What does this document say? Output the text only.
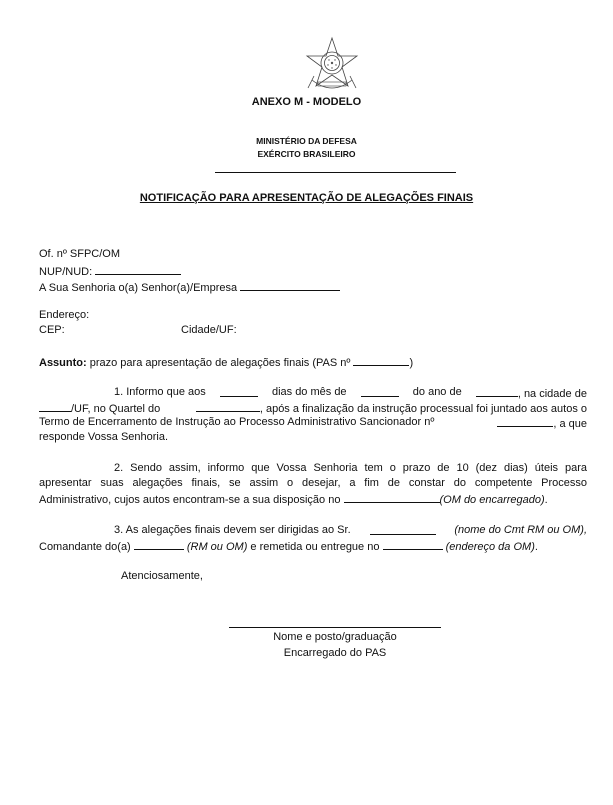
ANEXO M - MODELO
MINISTÉRIO DA DEFESA
EXÉRCITO BRASILEIRO
NOTIFICAÇÃO PARA APRESENTAÇÃO DE ALEGAÇÕES FINAIS
Of. nº SFPC/OM
NUP/NUD:
A Sua Senhoria o(a) Senhor(a)/Empresa
Endereço:
CEP:	Cidade/UF:
Assunto: prazo para apresentação de alegações finais (PAS nº	)
1. Informo que aos	dias do mês de	do ano de	, na cidade de
/UF, no Quartel do	, após a finalização da instrução processual foi juntado aos autos o
Termo de Encerramento de Instrução ao Processo Administrativo Sancionador nº	, a que
responde Vossa Senhoria.
2. Sendo assim, informo que Vossa Senhoria tem o prazo de 10 (dez dias) úteis para
apresentar suas alegações finais, se assim o desejar, a fim de constar do competente Processo
Administrativo, cujos autos encontram-se a sua disposição no	(OM do encarregado).
3. As alegações finais devem ser dirigidas ao Sr.	(nome do Cmt RM ou OM),
Comandante do(a)	(RM ou OM) e remetida ou entregue no	(endereço da OM).
Atenciosamente,
Nome e posto/graduação
Encarregado do PAS
